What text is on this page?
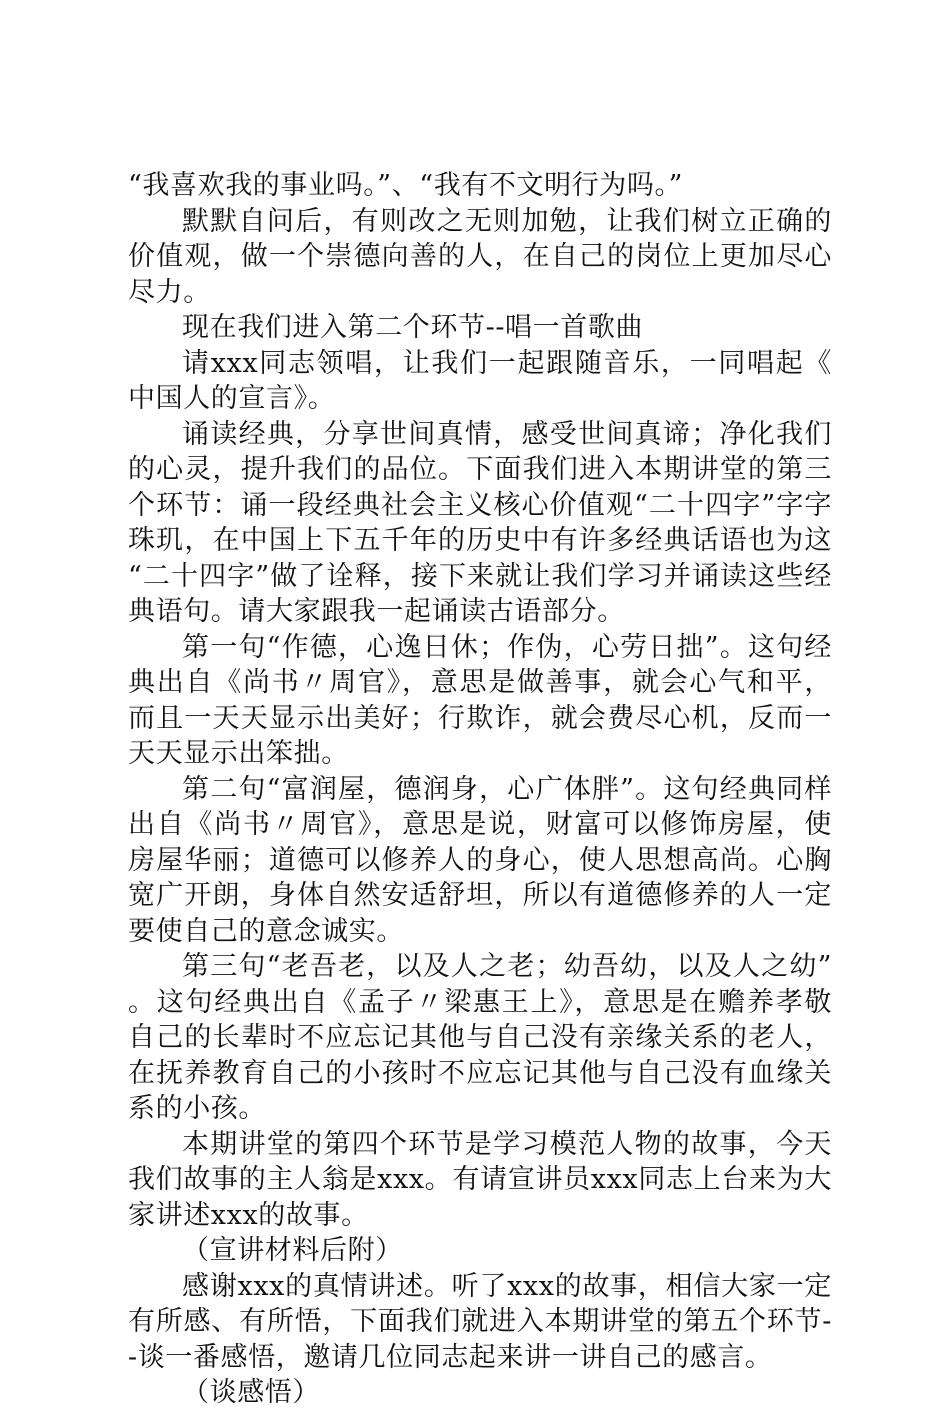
“我喜欢我的事业吗。”、“我有不文明行为吗。”

默默自问后，有则改之无则加勉，让我们树立正确的价值观，做一个崇德向善的人，在自己的岗位上更加尽心尽力。

现在我们进入第二个环节--唱一首歌曲

请xxx同志领唱，让我们一起跟随音乐，一同唱起《中国人的宣言》。

诵读经典，分享世间真情，感受世间真谛；净化我们的心灵，提升我们的品位。下面我们进入本期讲堂的第三个环节：诵一段经典社会主义核心价值观“二十四字”字字珠玑，在中国上下五千年的历史中有许多经典话语也为这“二十四字”做了诠释，接下来就让我们学习并诵读这些经典语句。请大家跟我一起诵读古语部分。

第一句“作德，心逸日休；作伪，心劳日拙”。这句经典出自《尚书〃周官》，意思是做善事，就会心气和平，而且一天天显示出美好；行欺诈，就会费尽心机，反而一天天显示出笨拙。

第二句“富润屋，德润身，心广体胖”。这句经典同样出自《尚书〃周官》，意思是说，财富可以修饰房屋，使房屋华丽；道德可以修养人的身心，使人思想高尚。心胸宽广开朗，身体自然安适舒坦，所以有道德修养的人一定要使自己的意念诚实。

第三句“老吾老，以及人之老；幼吾幼，以及人之幼”。这句经典出自《孟子〃梁惠王上》，意思是在赡养孝敬自己的长辈时不应忘记其他与自己没有亲缘关系的老人，在抚养教育自己的小孩时不应忘记其他与自己没有血缘关系的小孩。

本期讲堂的第四个环节是学习模范人物的故事，今天我们故事的主人翁是xxx。有请宣讲员xxx同志上台来为大家讲述xxx的故事。

（宣讲材料后附）

感谢xxx的真情讲述。听了xxx的故事，相信大家一定有所感、有所悟，下面我们就进入本期讲堂的第五个环节--谈一番感悟，邀请几位同志起来讲一讲自己的感言。

（谈感悟）
